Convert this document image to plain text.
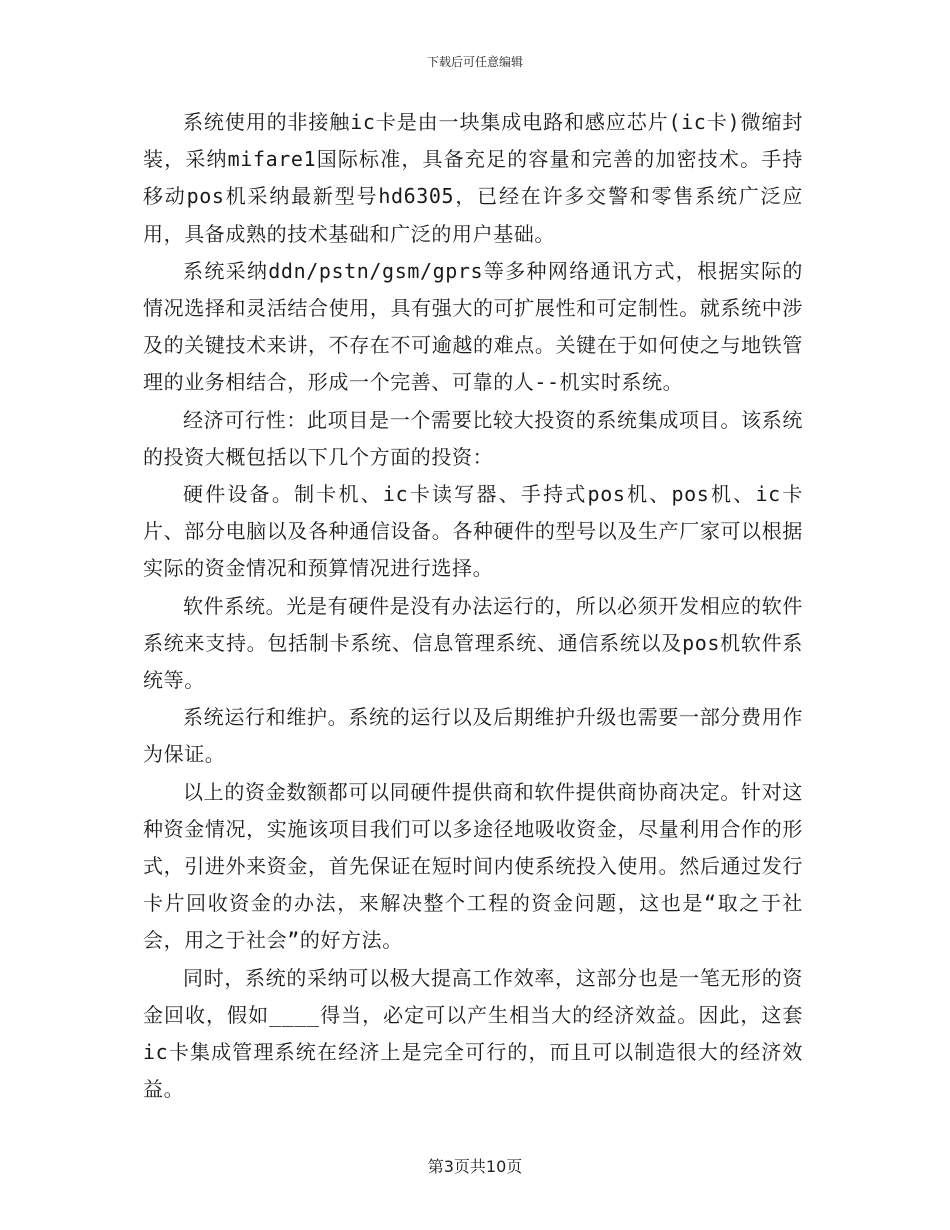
下载后可任意编辑

系统使用的非接触ic卡是由一块集成电路和感应芯片(ic卡)微缩封装，采纳mifare1国际标准，具备充足的容量和完善的加密技术。手持移动pos机采纳最新型号hd6305，已经在许多交警和零售系统广泛应用，具备成熟的技术基础和广泛的用户基础。

系统采纳ddn/pstn/gsm/gprs等多种网络通讯方式，根据实际的情况选择和灵活结合使用，具有强大的可扩展性和可定制性。就系统中涉及的关键技术来讲，不存在不可逾越的难点。关键在于如何使之与地铁管理的业务相结合，形成一个完善、可靠的人--机实时系统。

经济可行性：此项目是一个需要比较大投资的系统集成项目。该系统的投资大概包括以下几个方面的投资：

硬件设备。制卡机、ic卡读写器、手持式pos机、pos机、ic卡片、部分电脑以及各种通信设备。各种硬件的型号以及生产厂家可以根据实际的资金情况和预算情况进行选择。

软件系统。光是有硬件是没有办法运行的，所以必须开发相应的软件系统来支持。包括制卡系统、信息管理系统、通信系统以及pos机软件系统等。

系统运行和维护。系统的运行以及后期维护升级也需要一部分费用作为保证。

以上的资金数额都可以同硬件提供商和软件提供商协商决定。针对这种资金情况，实施该项目我们可以多途径地吸收资金，尽量利用合作的形式，引进外来资金，首先保证在短时间内使系统投入使用。然后通过发行卡片回收资金的办法，来解决整个工程的资金问题，这也是“取之于社会，用之于社会”的好方法。

同时，系统的采纳可以极大提高工作效率，这部分也是一笔无形的资金回收，假如____得当，必定可以产生相当大的经济效益。因此，这套ic卡集成管理系统在经济上是完全可行的，而且可以制造很大的经济效益。

第3页共10页
